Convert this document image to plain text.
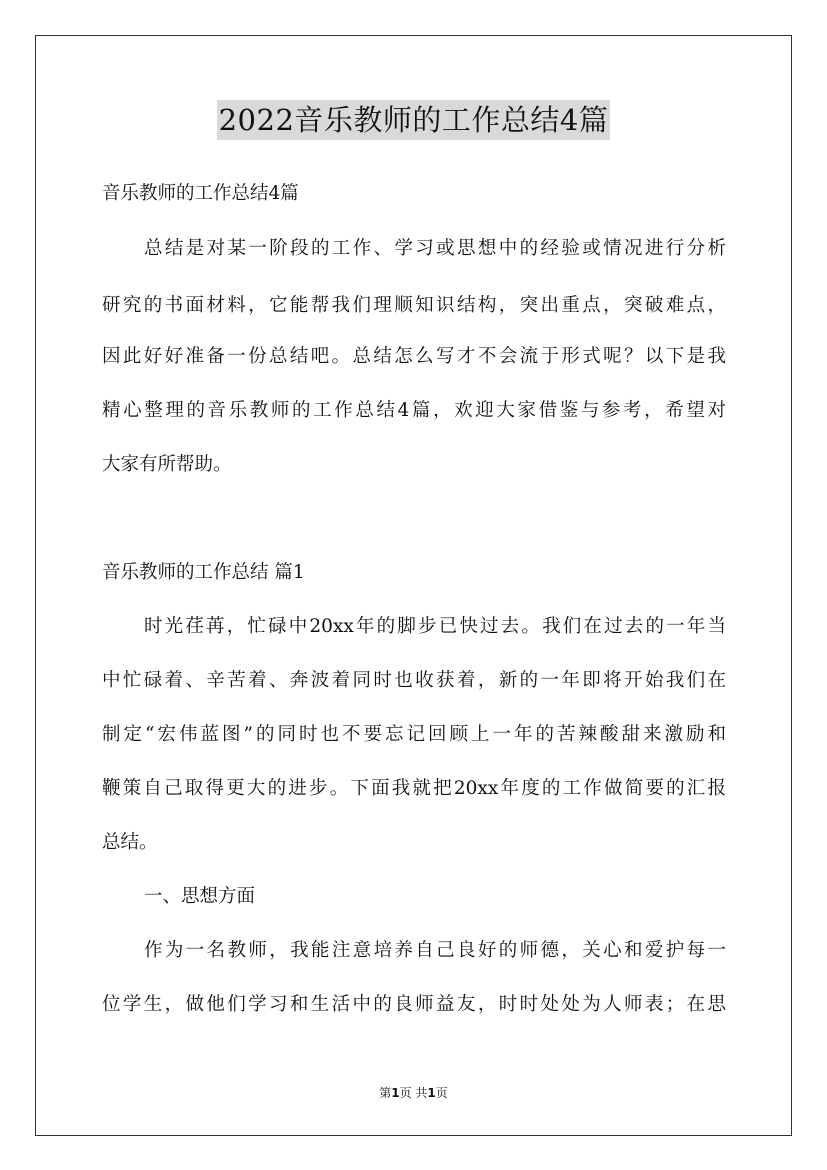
2022音乐教师的工作总结4篇
音乐教师的工作总结4篇
总结是对某一阶段的工作、学习或思想中的经验或情况进行分析
研究的书面材料，它能帮我们理顺知识结构，突出重点，突破难点，
因此好好准备一份总结吧。总结怎么写才不会流于形式呢？以下是我
精心整理的音乐教师的工作总结4篇，欢迎大家借鉴与参考，希望对
大家有所帮助。
音乐教师的工作总结 篇1
时光荏苒，忙碌中20xx年的脚步已快过去。我们在过去的一年当
中忙碌着、辛苦着、奔波着同时也收获着，新的一年即将开始我们在
制定“宏伟蓝图”的同时也不要忘记回顾上一年的苦辣酸甜来激励和
鞭策自己取得更大的进步。下面我就把20xx年度的工作做简要的汇报
总结。
一、思想方面
作为一名教师，我能注意培养自己良好的师德，关心和爱护每一
位学生，做他们学习和生活中的良师益友，时时处处为人师表；在思
第1页 共1页
